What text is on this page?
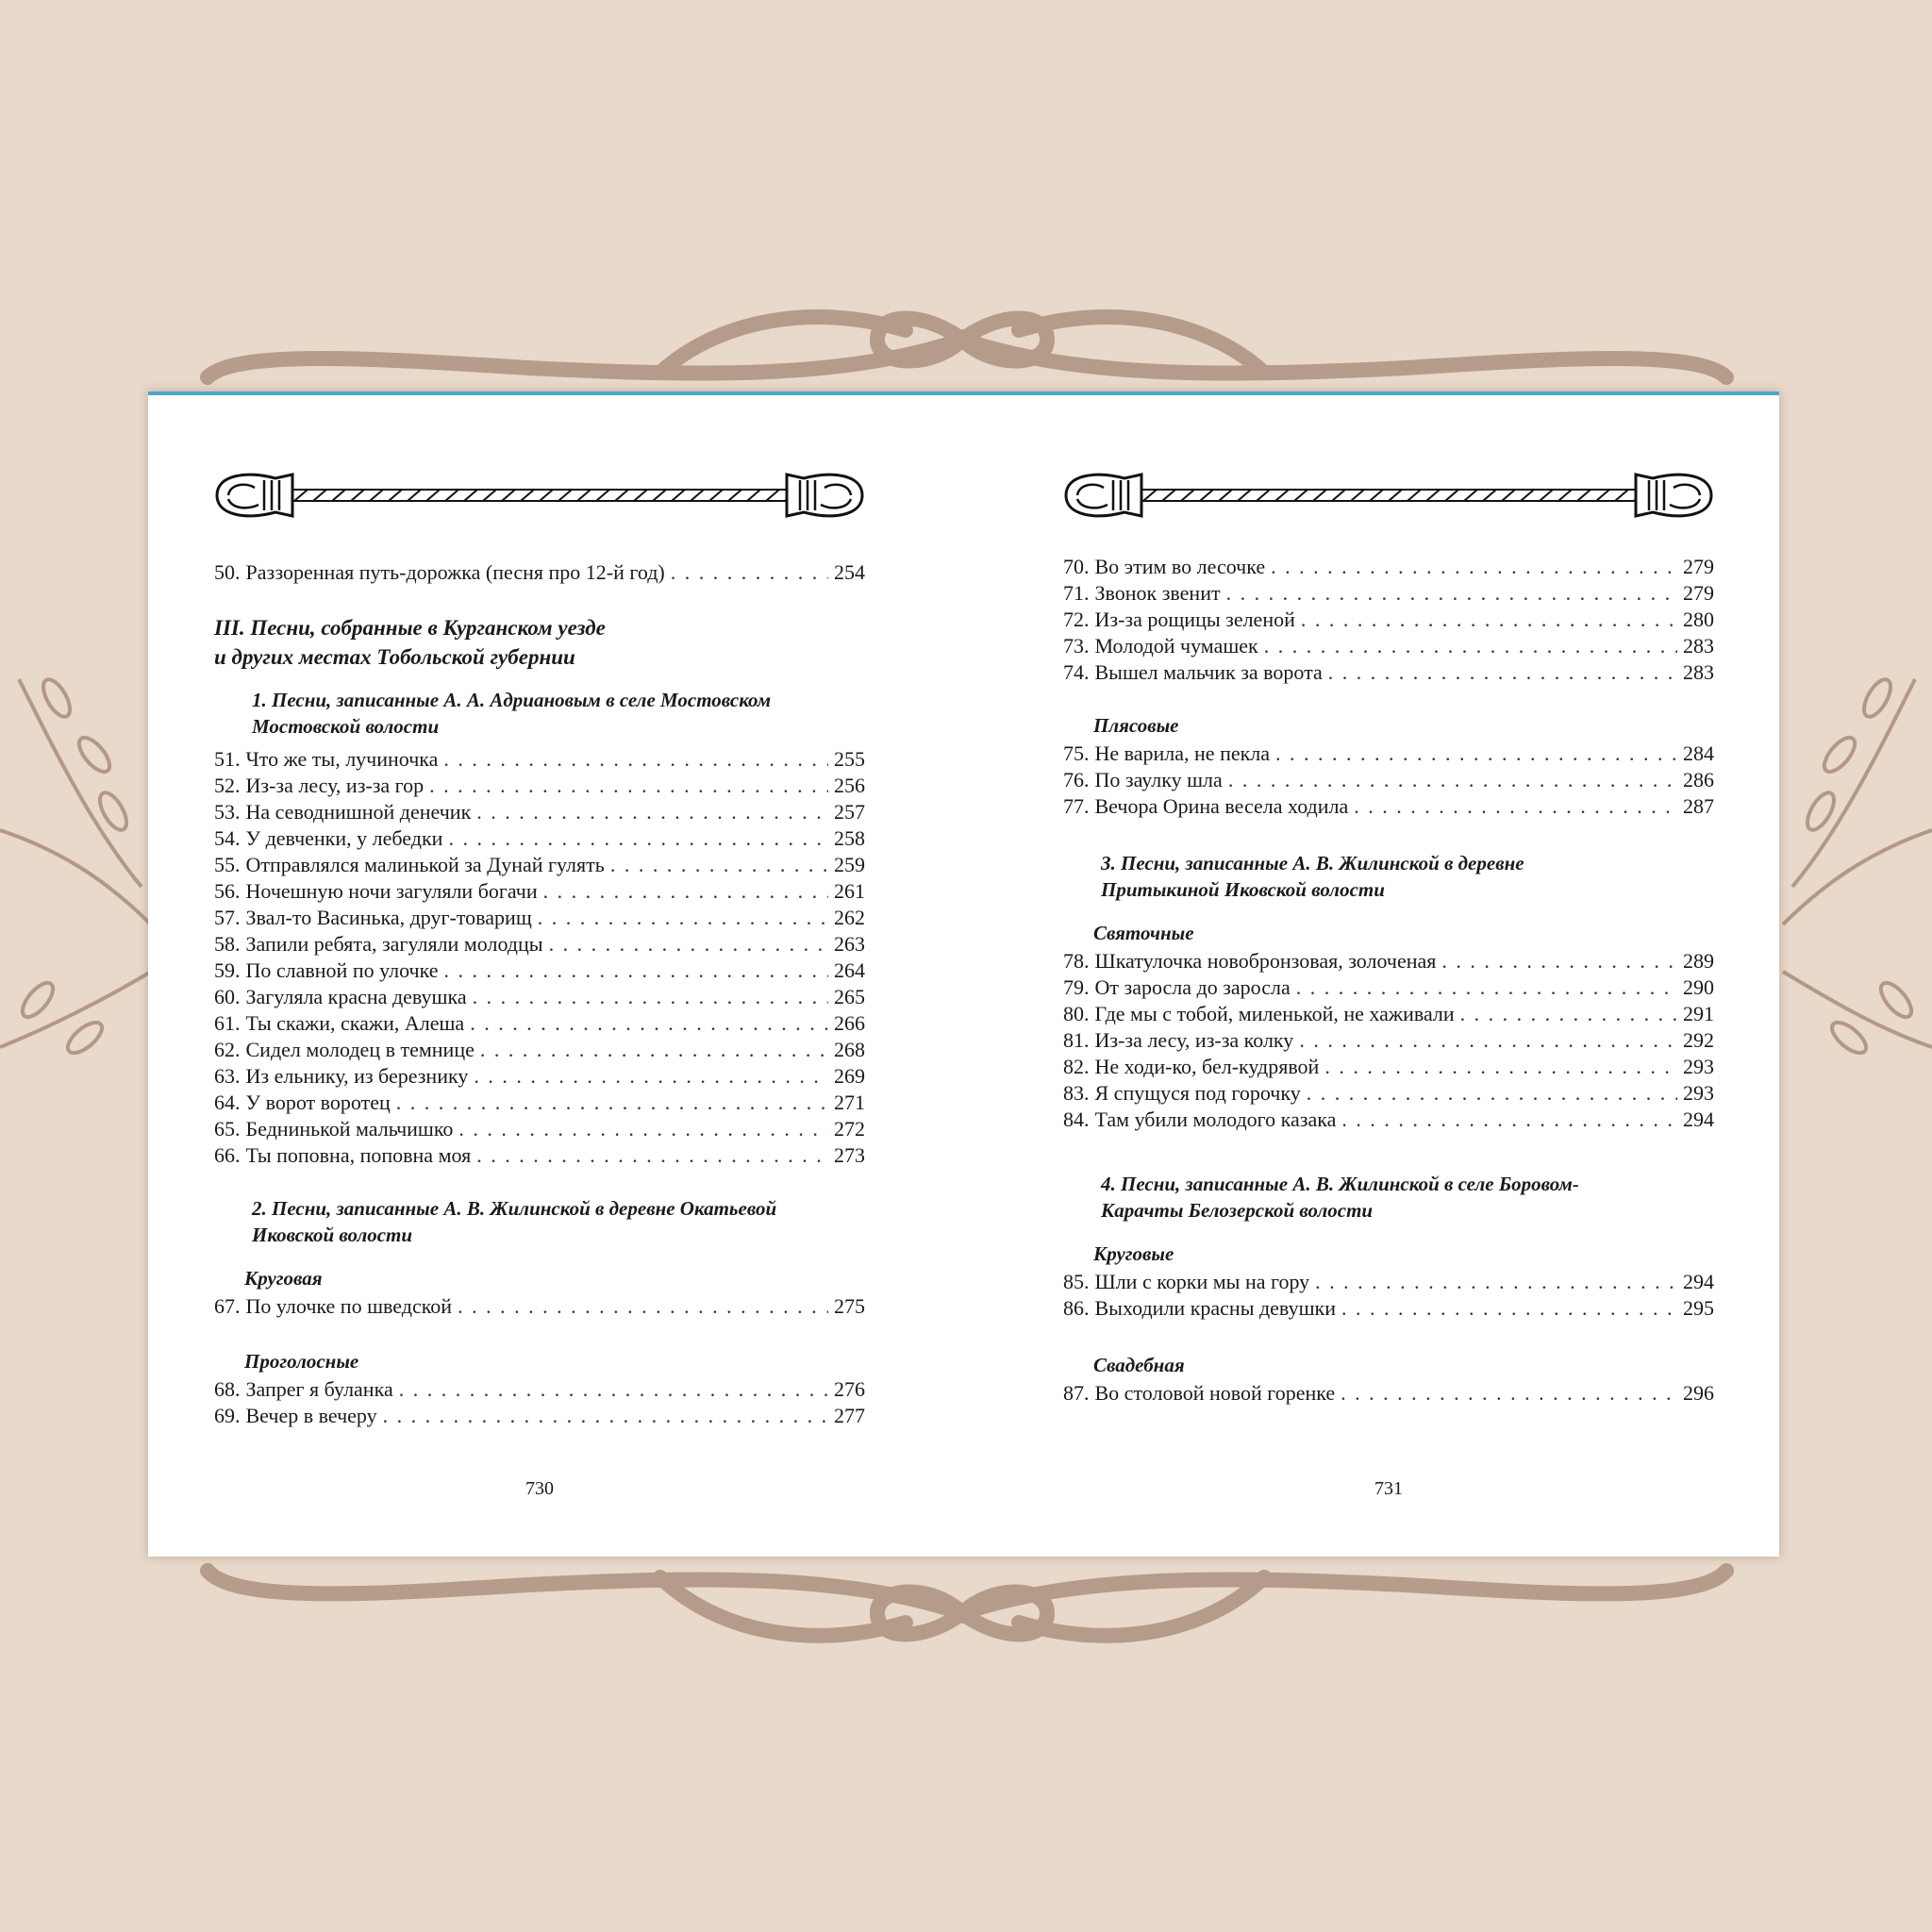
50. Раззоренная путь-дорожка (песня про 12-й год) . . .	254
III. Песни, собранные в Курганском уезде
и других местах Тобольской губернии
1. Песни, записанные А. А. Адриановым в селе Мостовском
Мостовской волости
51. Что же ты, лучиночка . . .	255
52. Из-за лесу, из-за гор . . .	256
53. На севоднишной денечик . . .	257
54. У девченки, у лебедки . . .	258
55. Отправлялся малинькой за Дунай гулять . . .	259
56. Ночешную ночи загуляли богачи . . .	261
57. Звал-то Васинька, друг-товарищ . . .	262
58. Запили ребята, загуляли молодцы . . .	263
59. По славной по улочке . . .	264
60. Загуляла красна девушка . . .	265
61. Ты скажи, скажи, Алеша . . .	266
62. Сидел молодец в темнице . . .	268
63. Из ельнику, из березнику . . .	269
64. У ворот воротец . . .	271
65. Беднинькой мальчишко . . .	272
66. Ты поповна, поповна моя . . .	273
2. Песни, записанные А. В. Жилинской в деревне Окатьевой
Иковской волости
Круговая
67. По улочке по шведской . . .	275
Проголосные
68. Запрег я буланка . . .	276
69. Вечер в вечеру . . .	277
730
70. Во этим во лесочке . . .	279
71. Звонок звенит . . .	279
72. Из-за рощицы зеленой . . .	280
73. Молодой чумашек . . .	283
74. Вышел мальчик за ворота . . .	283
Плясовые
75. Не варила, не пекла . . .	284
76. По заулку шла . . .	286
77. Вечора Орина весела ходила . . .	287
3. Песни, записанные А. В. Жилинской в деревне
Притыкиной Иковской волости
Святочные
78. Шкатулочка новобронзовая, золоченая . . .	289
79. От заросла до заросла . . .	290
80. Где мы с тобой, миленькой, не хаживали . . .	291
81. Из-за лесу, из-за колку . . .	292
82. Не ходи-ко, бел-кудрявой . . .	293
83. Я спущуся под горочку . . .	293
84. Там убили молодого казака . . .	294
4. Песни, записанные А. В. Жилинской в селе Боровом-
Карачты Белозерской волости
Круговые
85. Шли с корки мы на гору . . .	294
86. Выходили красны девушки . . .	295
Свадебная
87. Во столовой новой горенке . . .	296
731
